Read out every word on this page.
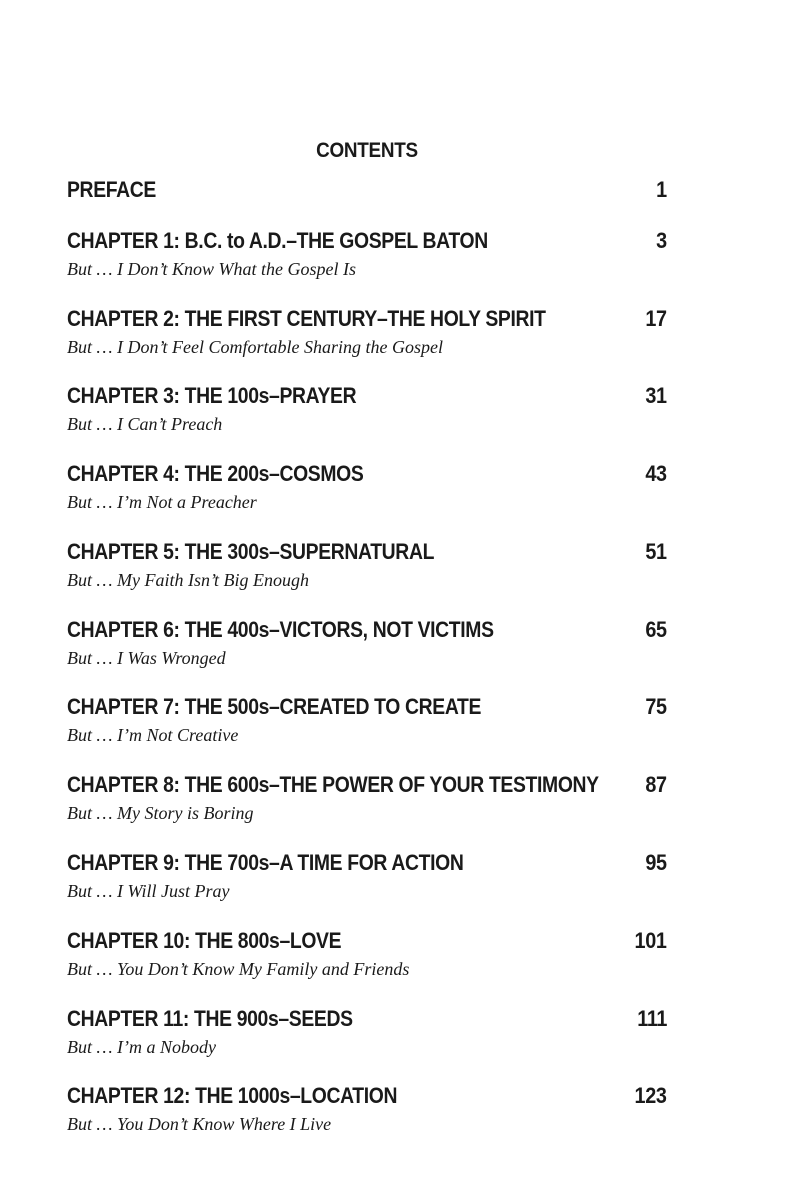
CONTENTS
PREFACE	1
CHAPTER 1: B.C. to A.D.–THE GOSPEL BATON	3
But … I Don’t Know What the Gospel Is
CHAPTER 2: THE FIRST CENTURY–THE HOLY SPIRIT	17
But … I Don’t Feel Comfortable Sharing the Gospel
CHAPTER 3: THE 100s–PRAYER	31
But … I Can’t Preach
CHAPTER 4: THE 200s–COSMOS	43
But … I’m Not a Preacher
CHAPTER 5: THE 300s–SUPERNATURAL	51
But … My Faith Isn’t Big Enough
CHAPTER 6: THE 400s–VICTORS, NOT VICTIMS	65
But … I Was Wronged
CHAPTER 7: THE 500s–CREATED TO CREATE	75
But … I’m Not Creative
CHAPTER 8: THE 600s–THE POWER OF YOUR TESTIMONY 87
But … My Story is Boring
CHAPTER 9: THE 700s–A TIME FOR ACTION	95
But … I Will Just Pray
CHAPTER 10: THE 800s–LOVE	101
But … You Don’t Know My Family and Friends
CHAPTER 11: THE 900s–SEEDS	111
But … I’m a Nobody
CHAPTER 12: THE 1000s–LOCATION	123
But … You Don’t Know Where I Live
